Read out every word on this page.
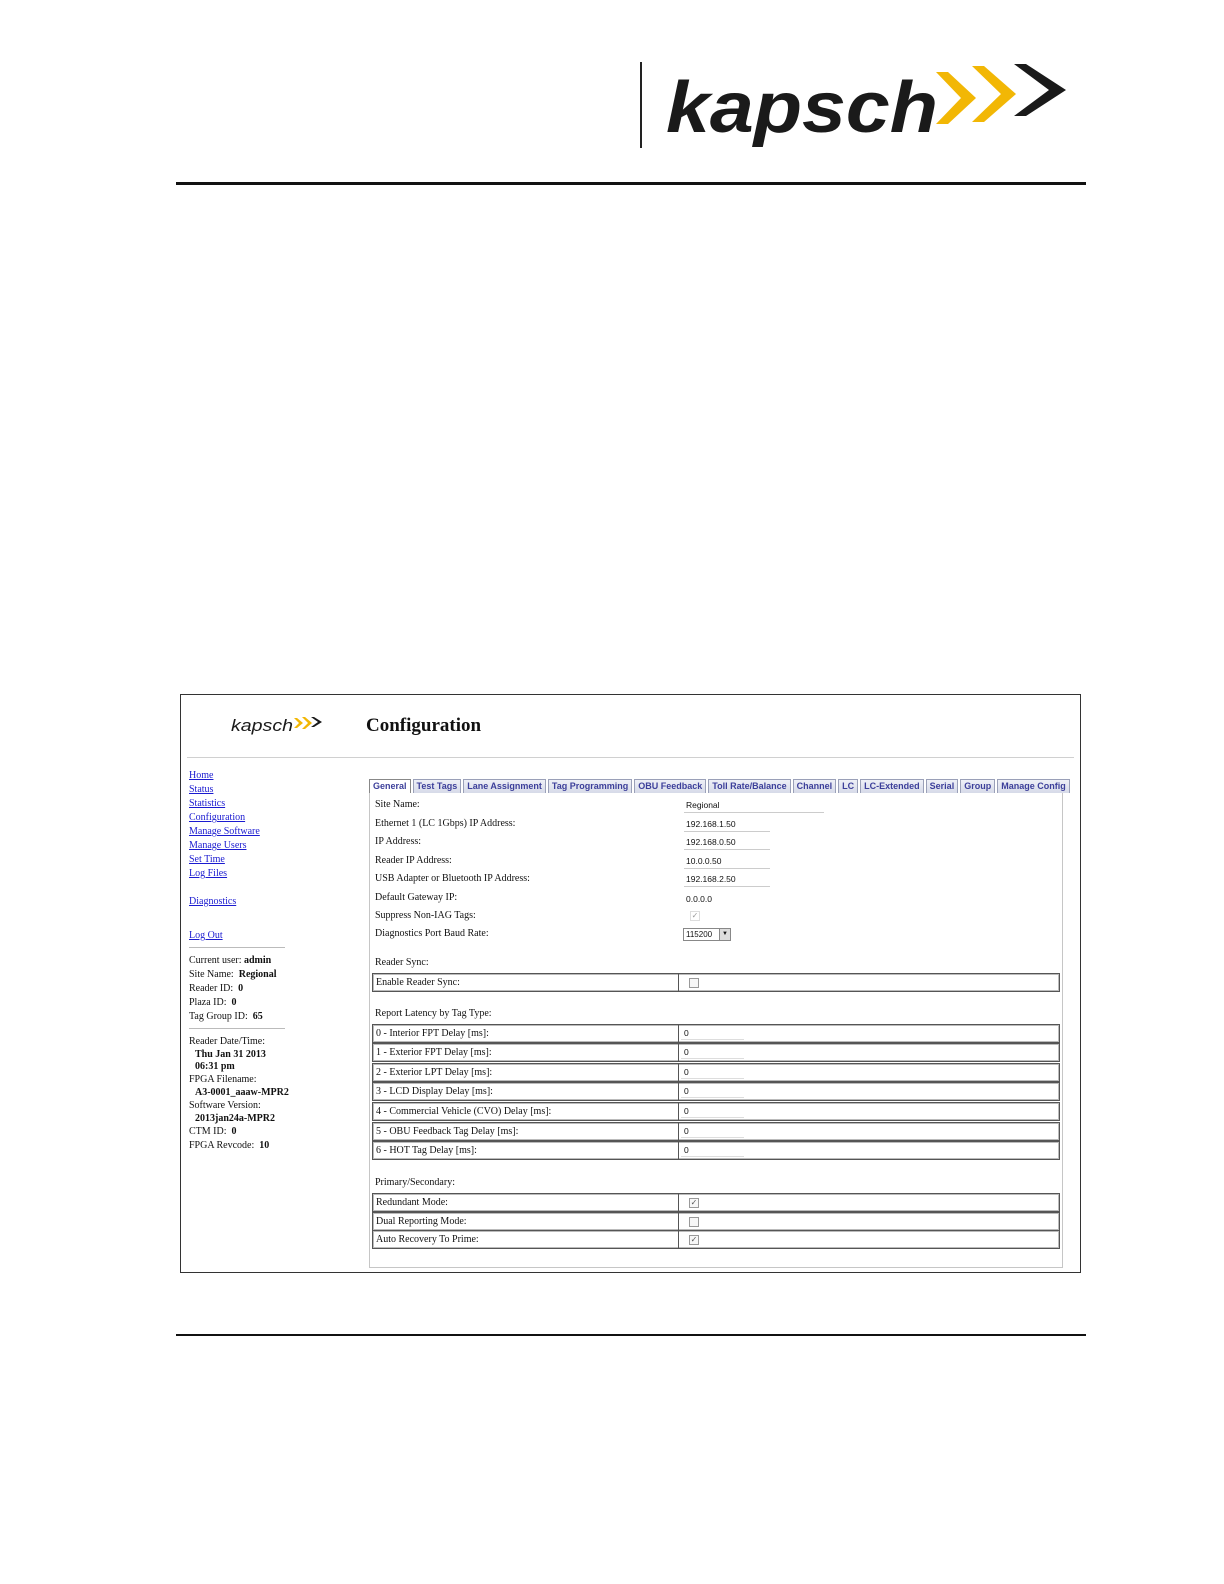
kapsch
kapsch	Configuration
Home
Status
Statistics
Configuration
Manage Software
Manage Users
Set Time
Log Files
Diagnostics
Log Out
Current user: admin
Site Name: Regional
Reader ID: 0
Plaza ID: 0
Tag Group ID: 65
Reader Date/Time:
Thu Jan 31 2013
06:31 pm
FPGA Filename:
A3-0001_aaaw-MPR2
Software Version:
2013jan24a-MPR2
CTM ID: 0
FPGA Revcode: 10
General Test Tags Lane Assignment Tag Programming OBU Feedback Toll Rate/Balance Channel LC LC-Extended Serial Group Manage Config
Site Name:	Regional
Ethernet 1 (LC 1Gbps) IP Address:	192.168.1.50
IP Address:	192.168.0.50
Reader IP Address:	10.0.0.50
USB Adapter or Bluetooth IP Address:	192.168.2.50
Default Gateway IP:	0.0.0.0
Suppress Non-IAG Tags:	✓
Diagnostics Port Baud Rate:	115200	▼
Reader Sync:
Enable Reader Sync:
Report Latency by Tag Type:
0 - Interior FPT Delay [ms]:	0
1 - Exterior FPT Delay [ms]:	0
2 - Exterior LPT Delay [ms]:	0
3 - LCD Display Delay [ms]:	0
4 - Commercial Vehicle (CVO) Delay [ms]:	0
5 - OBU Feedback Tag Delay [ms]:	0
6 - HOT Tag Delay [ms]:	0
Primary/Secondary:
Redundant Mode:	✓
Dual Reporting Mode:
Auto Recovery To Prime:	✓
